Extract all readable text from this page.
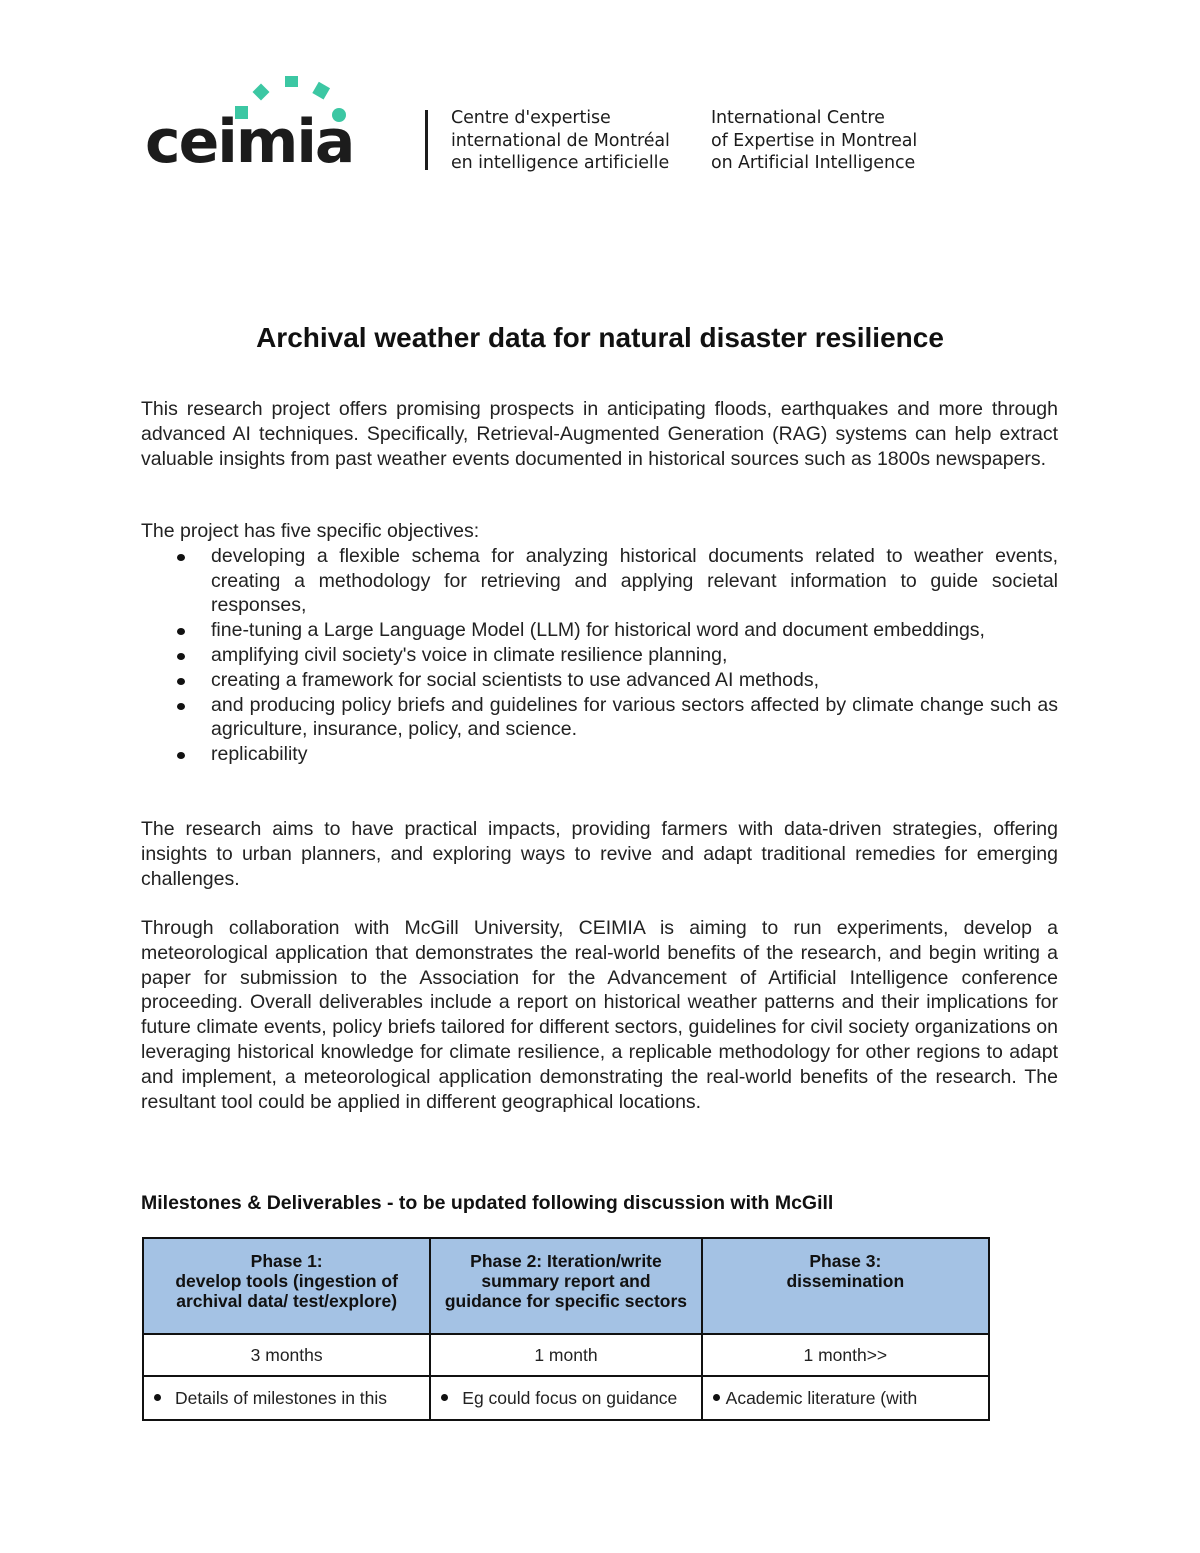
ceimia	Centre d'expertise
international de Montréal
en intelligence artificielle
International Centre
of Expertise in Montreal
on Artificial Intelligence
Archival weather data for natural disaster resilience

This research project offers promising prospects in anticipating floods, earthquakes and more through advanced AI techniques. Specifically, Retrieval-Augmented Generation (RAG) systems can help extract valuable insights from past weather events documented in historical sources such as 1800s newspapers.

The project has five specific objectives:

developing a flexible schema for analyzing historical documents related to weather events, creating a methodology for retrieving and applying relevant information to guide societal responses,
fine-tuning a Large Language Model (LLM) for historical word and document embeddings,
amplifying civil society's voice in climate resilience planning,
creating a framework for social scientists to use advanced AI methods,
and producing policy briefs and guidelines for various sectors affected by climate change such as agriculture, insurance, policy, and science.
replicability

The research aims to have practical impacts, providing farmers with data-driven strategies, offering insights to urban planners, and exploring ways to revive and adapt traditional remedies for emerging challenges.

Through collaboration with McGill University, CEIMIA is aiming to run experiments, develop a meteorological application that demonstrates the real-world benefits of the research, and begin writing a paper for submission to the Association for the Advancement of Artificial Intelligence conference proceeding. Overall deliverables include a report on historical weather patterns and their implications for future climate events, policy briefs tailored for different sectors, guidelines for civil society organizations on leveraging historical knowledge for climate resilience, a replicable methodology for other regions to adapt and implement, a meteorological application demonstrating the real-world benefits of the research. The resultant tool could be applied in different geographical locations.

Milestones & Deliverables - to be updated following discussion with McGill
Phase 1:
develop tools (ingestion of
archival data/ test/explore)	Phase 2: Iteration/write
summary report and
guidance for specific sectors	Phase 3:
dissemination

3 months	1 month	1 month>>
Details of milestones in this	Eg could focus on guidance	Academic literature (with
